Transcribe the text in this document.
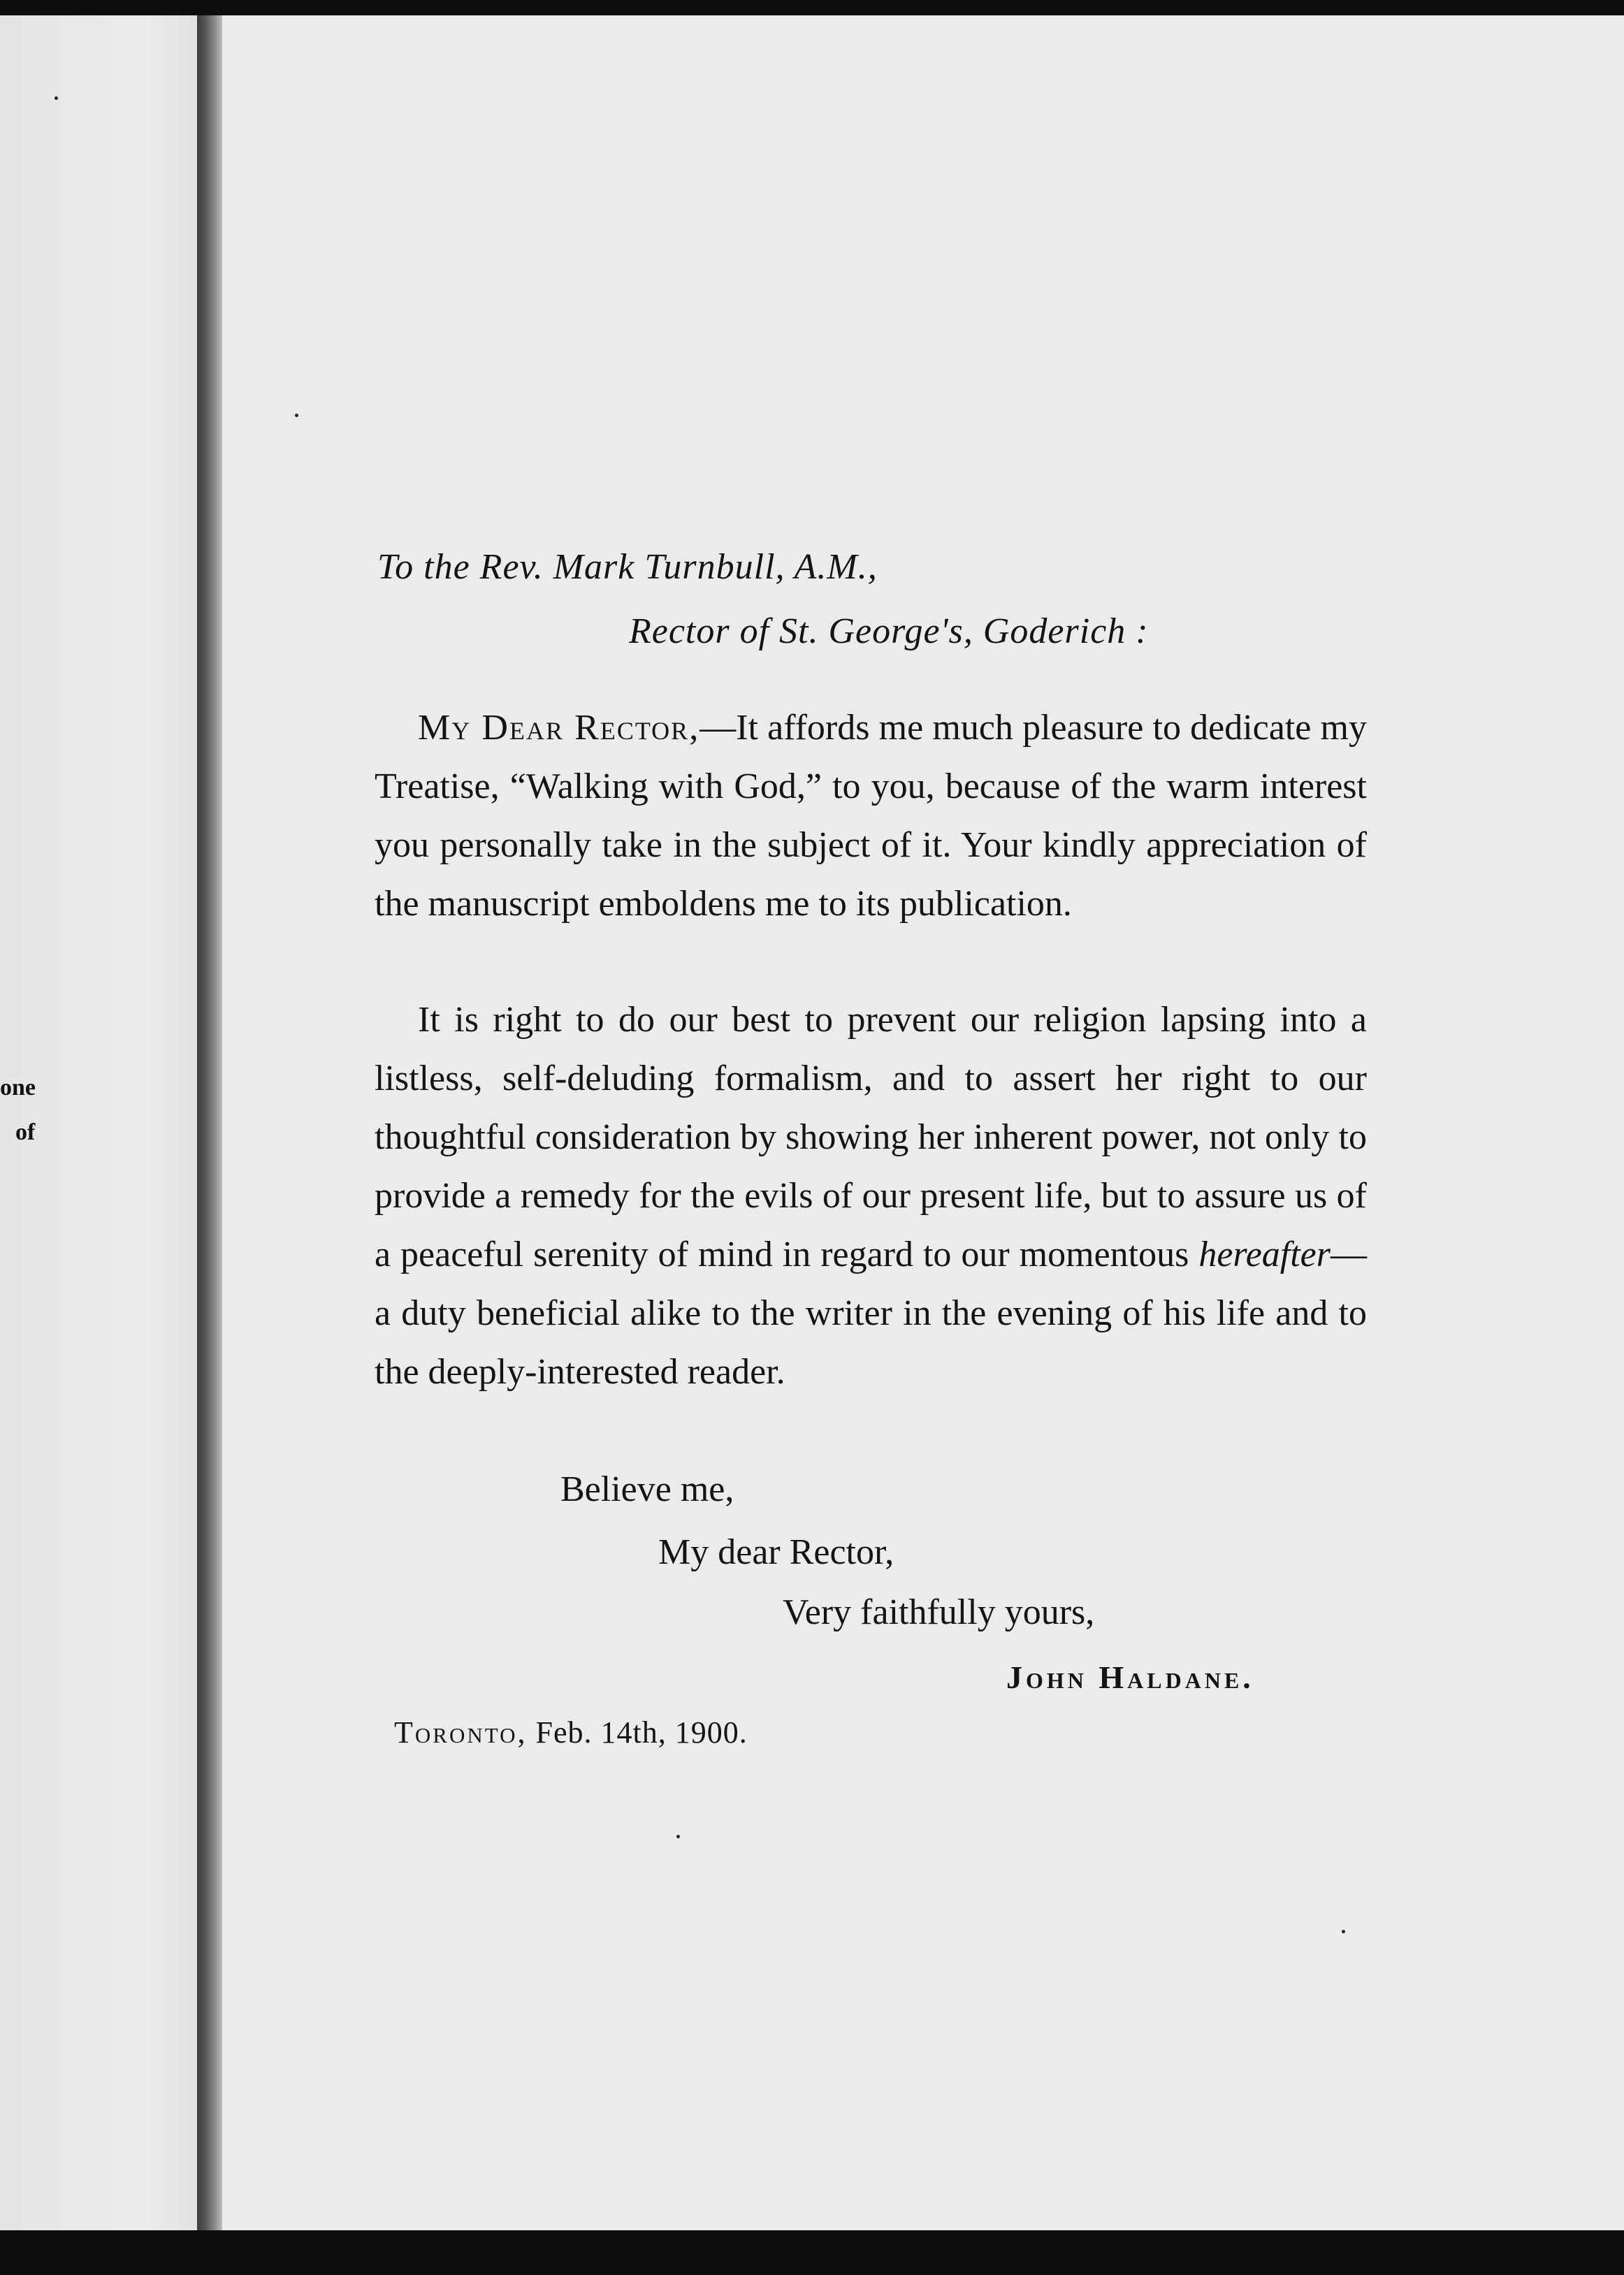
one
of
To the Rev. Mark Turnbull, A.M.,
Rector of St. George's, Goderich :

My Dear Rector,—It affords me much pleasure to dedicate my Treatise, “Walking with God,” to you, because of the warm interest you personally take in the subject of it. Your kindly appreciation of the manuscript emboldens me to its publication.

It is right to do our best to prevent our religion lapsing into a listless, self-deluding formalism, and to assert her right to our thoughtful consideration by showing her inherent power, not only to provide a remedy for the evils of our present life, but to assure us of a peaceful serenity of mind in regard to our momentous hereafter—a duty beneficial alike to the writer in the evening of his life and to the deeply-interested reader.

Believe me,
My dear Rector,
Very faithfully yours,
John Haldane.
Toronto, Feb. 14th, 1900.
